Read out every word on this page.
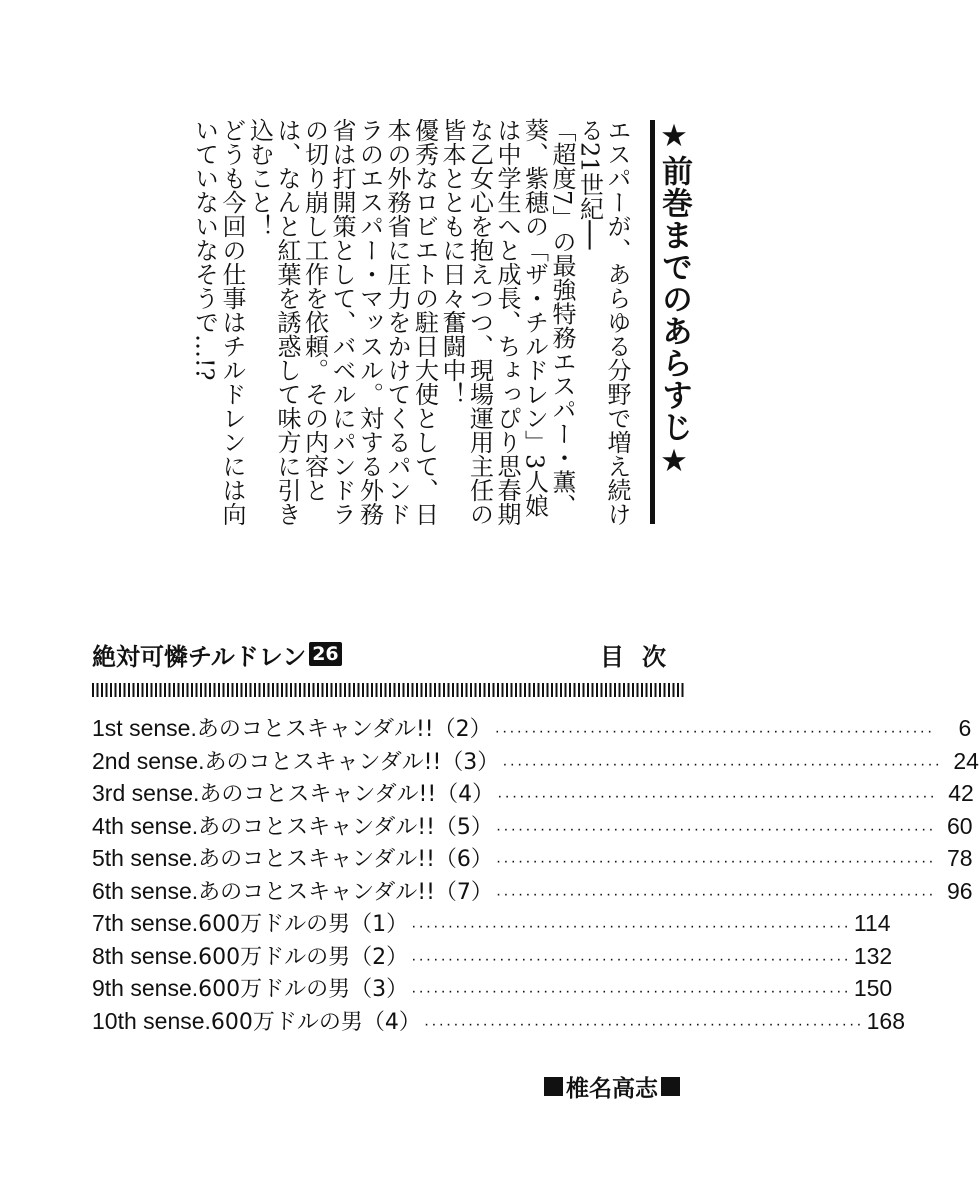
★前巻までのあらすじ★

エスパーが、あらゆる分野で増え続ける21世紀──

「超度7」の最強特務エスパー・薫、葵、紫穂の「ザ・チルドレン」3人娘は中学生へと成長、ちょっぴり思春期な乙女心を抱えつつ、現場運用主任の皆本とともに日々奮闘中！

優秀なロビエトの駐日大使として、日本の外務省に圧力をかけてくるパンドラのエスパー・マッスル。対する外務省は打開策として、バベルにパンドラの切り崩し工作を依頼。その内容とは、なんと紅葉を誘惑して味方に引き込むこと！

どうも今回の仕事はチルドレンには向いていないなそうで…!?

絶対可憐チルドレン 26	目次
1st sense. あのコとスキャンダル!!（2） ····························································	6
2nd sense. あのコとスキャンダル!!（3） ···························································· 24
3rd sense. あのコとスキャンダル!!（4） ···························································· 42
4th sense. あのコとスキャンダル!!（5） ···························································· 60
5th sense. あのコとスキャンダル!!（6） ···························································· 78
6th sense. あのコとスキャンダル!!（7） ···························································· 96
7th sense. 600万ドルの男（1） ···························································· 114
8th sense. 600万ドルの男（2） ···························································· 132
9th sense. 600万ドルの男（3） ···························································· 150
10th sense. 600万ドルの男（4） ···························································· 168
椎名高志
